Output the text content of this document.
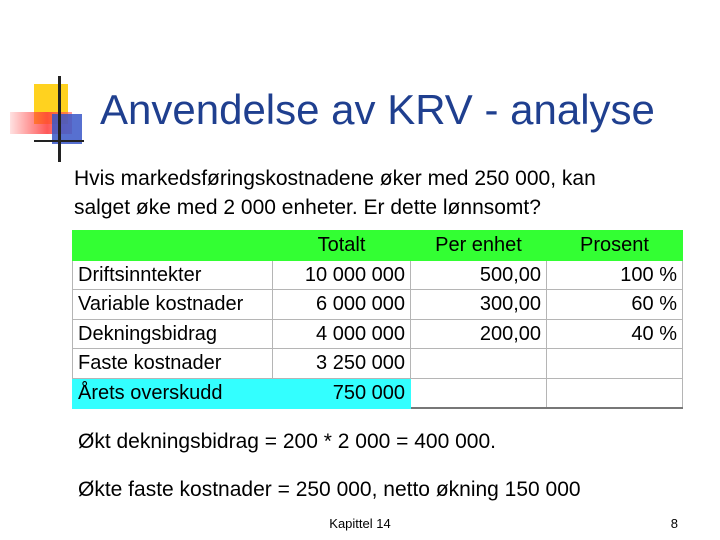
Anvendelse av KRV - analyse
Hvis markedsføringskostnadene øker med 250 000, kan
salget øke med 2 000 enheter. Er dette lønnsomt?
	Totalt	Per enhet	Prosent
Driftsinntekter	10 000 000	500,00	100 %
Variable kostnader	6 000 000	300,00	60 %
Dekningsbidrag	4 000 000	200,00	40 %
Faste kostnader	3 250 000		
Årets overskudd	750 000		
Økt dekningsbidrag = 200 * 2 000 = 400 000.
Økte faste kostnader = 250 000, netto økning 150 000
Kapittel 14	8
